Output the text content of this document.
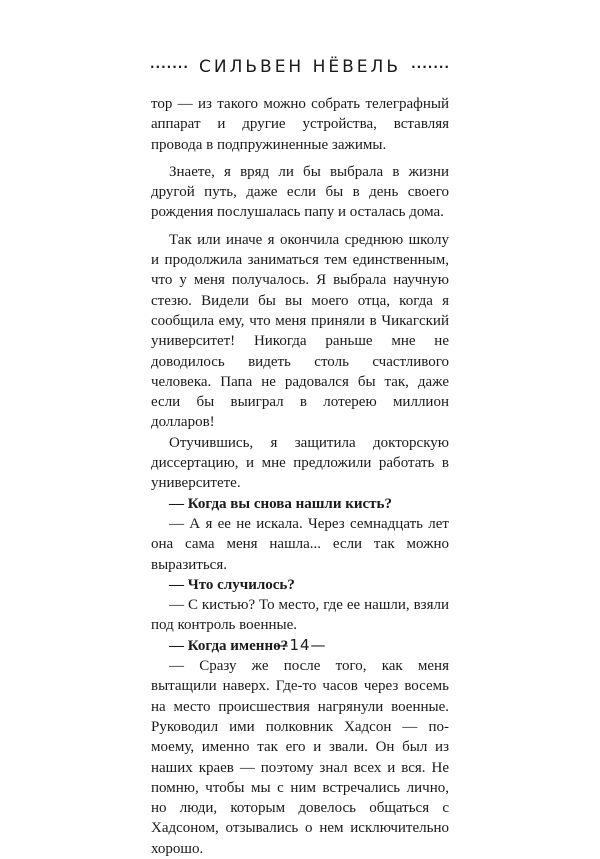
······· СИЛЬВЕН НЁВЕЛЬ ·······

тор — из такого можно собрать телеграфный аппарат и другие устройства, вставляя провода в подпружиненные зажимы.

Знаете, я вряд ли бы выбрала в жизни другой путь, даже если бы в день своего рождения послушалась папу и осталась дома.

Так или иначе я окончила среднюю школу и продолжила заниматься тем единственным, что у меня получалось. Я выбрала научную стезю. Видели бы вы моего отца, когда я сообщила ему, что меня приняли в Чикагский университет! Никогда раньше мне не доводилось видеть столь счастливого человека. Папа не радовался бы так, даже если бы выиграл в лотерею миллион долларов!

Отучившись, я защитила докторскую диссертацию, и мне предложили работать в университете.

— Когда вы снова нашли кисть?

— А я ее не искала. Через семнадцать лет она сама меня нашла... если так можно выразиться.

— Что случилось?

— С кистью? То место, где ее нашли, взяли под контроль военные.

— Когда именно?

— Сразу же после того, как меня вытащили наверх. Где-то часов через восемь на место происшествия нагрянули военные. Руководил ими полковник Хадсон — по-моему, именно так его и звали. Он был из наших краев — поэтому знал всех и вся. Не помню, чтобы мы с ним встречались лично, но люди, которым довелось общаться с Хадсоном, отзывались о нем исключительно хорошо.

—14—
